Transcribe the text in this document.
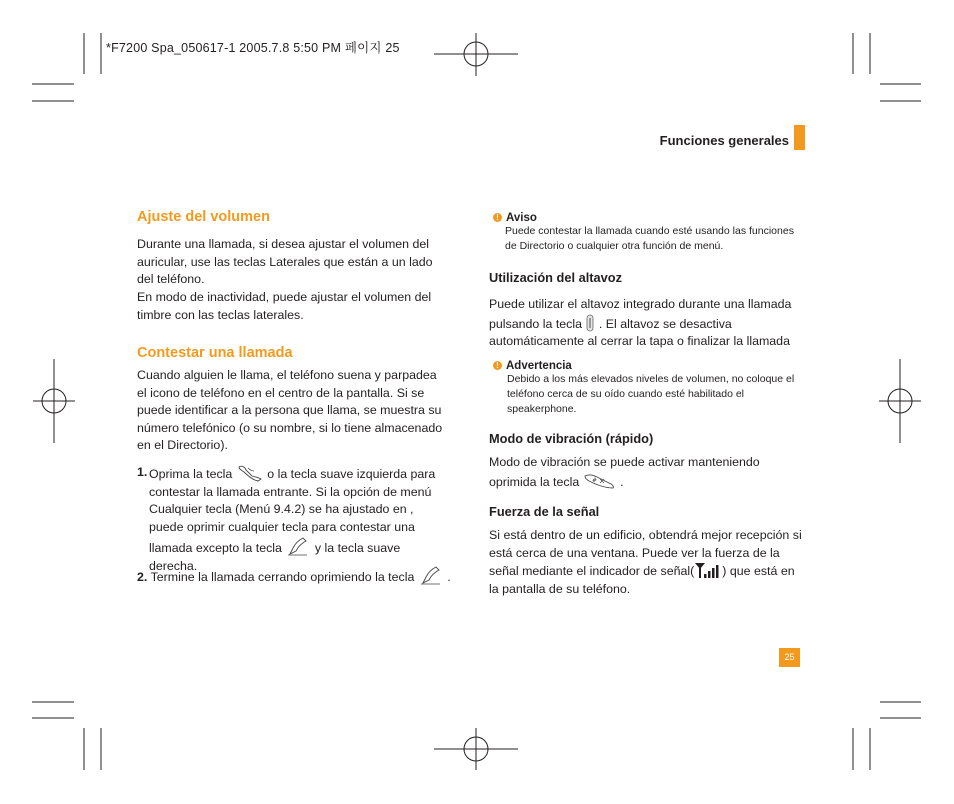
*F7200 Spa_050617-1 2005.7.8 5:50 PM 페이지 25
Funciones generales
Ajuste del volumen

Durante una llamada, si desea ajustar el volumen del auricular, use las teclas Laterales que están a un lado del teléfono.

En modo de inactividad, puede ajustar el volumen del timbre con las teclas laterales.

Contestar una llamada

Cuando alguien le llama, el teléfono suena y parpadea el icono de teléfono en el centro de la pantalla. Si se puede identificar a la persona que llama, se muestra su número telefónico (o su nombre, si lo tiene almacenado en el Directorio).

1. Oprima la tecla	o la tecla suave izquierda para contestar la llamada entrante. Si la opción de menú Cualquier tecla (Menú 9.4.2) se ha ajustado en , puede oprimir cualquier tecla para contestar una llamada excepto la tecla	y la tecla suave derecha.
2. Termine la llamada cerrando oprimiendo la tecla	.
! Aviso

Puede contestar la llamada cuando esté usando las funciones de Directorio o cualquier otra función de menú.

Utilización del altavoz

Puede utilizar el altavoz integrado durante una llamada pulsando la tecla . El altavoz se desactiva automáticamente al cerrar la tapa o finalizar la llamada

! Advertencia

Debido a los más elevados niveles de volumen, no coloque el teléfono cerca de su oído cuando esté habilitado el speakerphone.

Modo de vibración (rápido)

Modo de vibración se puede activar manteniendo oprimida la tecla # .

Fuerza de la señal

Si está dentro de un edificio, obtendrá mejor recepción si está cerca de una ventana. Puede ver la fuerza de la señal mediante el indicador de señal( ) que está en la pantalla de su teléfono.

25
